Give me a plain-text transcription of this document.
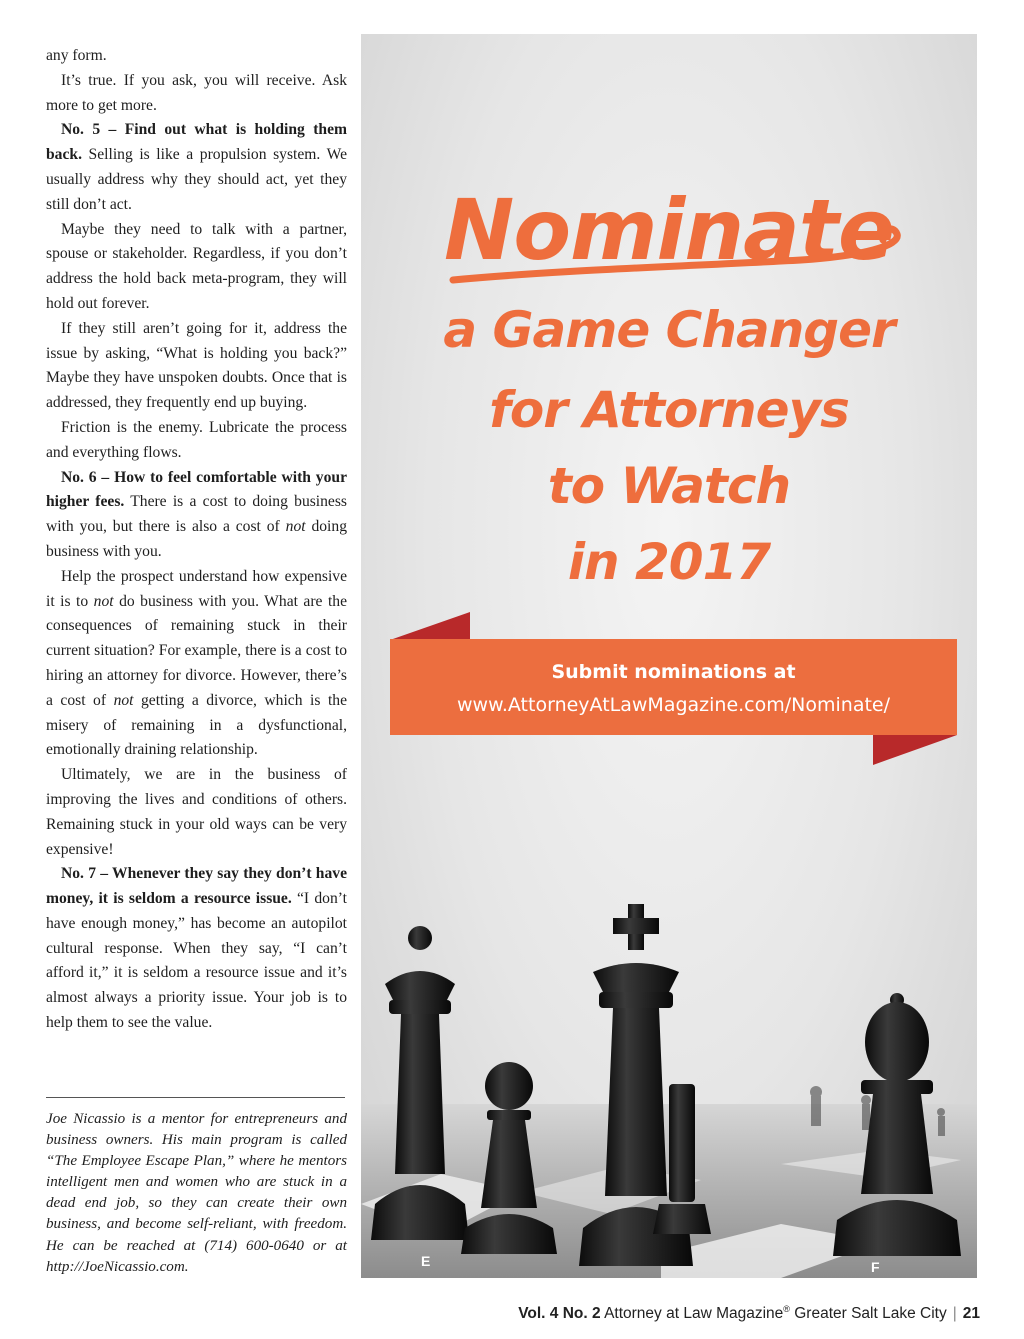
any form.

It’s true. If you ask, you will receive. Ask more to get more.

No. 5 – Find out what is holding them back. Selling is like a propulsion system. We usually address why they should act, yet they still don’t act.

Maybe they need to talk with a partner, spouse or stakeholder. Regardless, if you don’t address the hold back meta-program, they will hold out forever.

If they still aren’t going for it, address the issue by asking, “What is holding you back?” Maybe they have unspoken doubts. Once that is addressed, they frequently end up buying.

Friction is the enemy. Lubricate the process and everything flows.

No. 6 – How to feel comfortable with your higher fees. There is a cost to doing business with you, but there is also a cost of not doing business with you.

Help the prospect understand how expensive it is to not do business with you. What are the consequences of remaining stuck in their current situation? For example, there is a cost to hiring an attorney for divorce. However, there’s a cost of not getting a divorce, which is the misery of remaining in a dysfunctional, emotionally draining relationship.

Ultimately, we are in the business of improving the lives and conditions of others. Remaining stuck in your old ways can be very expensive!

No. 7 – Whenever they say they don’t have money, it is seldom a resource issue. “I don’t have enough money,” has become an autopilot cultural response. When they say, “I can’t afford it,” it is seldom a resource issue and it’s almost always a priority issue. Your job is to help them to see the value.

Joe Nicassio is a mentor for entrepreneurs and business owners. His main program is called “The Employee Escape Plan,” where he mentors intelligent men and women who are stuck in a dead end job, so they can create their own business, and become self-reliant, with freedom. He can be reached at (714) 600-0640 or at http://JoeNicassio.com.
Nominate
a Game Changer
for Attorneys
to Watch
in 2017
Submit nominations at
www.AttorneyAtLawMagazine.com/Nominate/
E	F
Vol. 4 No. 2 Attorney at Law Magazine® Greater Salt Lake City | 21
